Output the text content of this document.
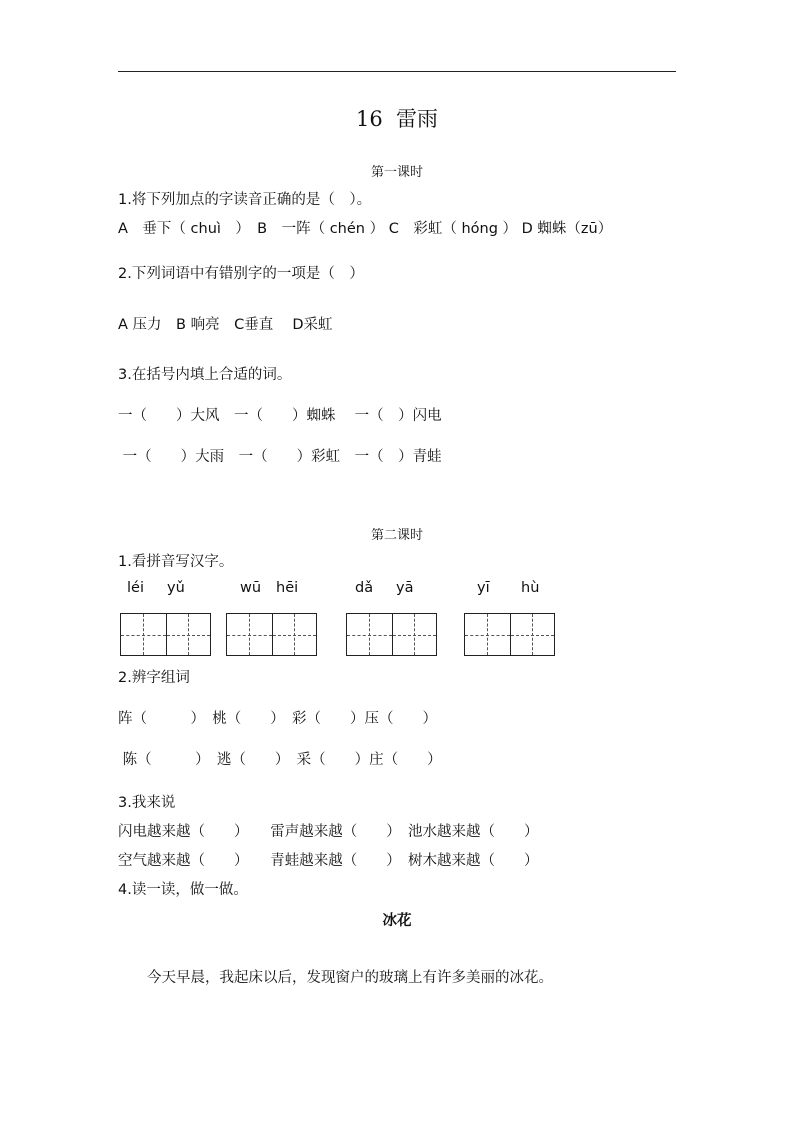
16  雷雨
第一课时
1.将下列加点的字读音正确的是（　）。
A　垂下（ chuì　）　B　一阵（ chén ） C　彩虹（ hóng ） D 蜘蛛（zū）
2.下列词语中有错别字的一项是（　）
A 压力　B 响亮　C垂直　 D采虹
3.在括号内填上合适的词。
一（　　）大风　一（　　）蜘蛛　 一（　）闪电
一（　　）大雨　一（　　）彩虹　一（　）青蛙
第二课时
1.看拼音写汉字。
léi yǔ	wū hēi	dǎ yā	yī hù
2.辨字组词
阵（　　　）　桃（　　）　彩（　　）压（　　）
陈（　　　）　逃（　　）　采（　　）庄（　　）
3.我来说
闪电越来越（　　）　　雷声越来越（　　）　池水越来越（　　）
空气越来越（　　）　　青蛙越来越（　　）　树木越来越（　　）
4.读一读，做一做。
冰花
　　今天早晨，我起床以后，发现窗户的玻璃上有许多美丽的冰花。
